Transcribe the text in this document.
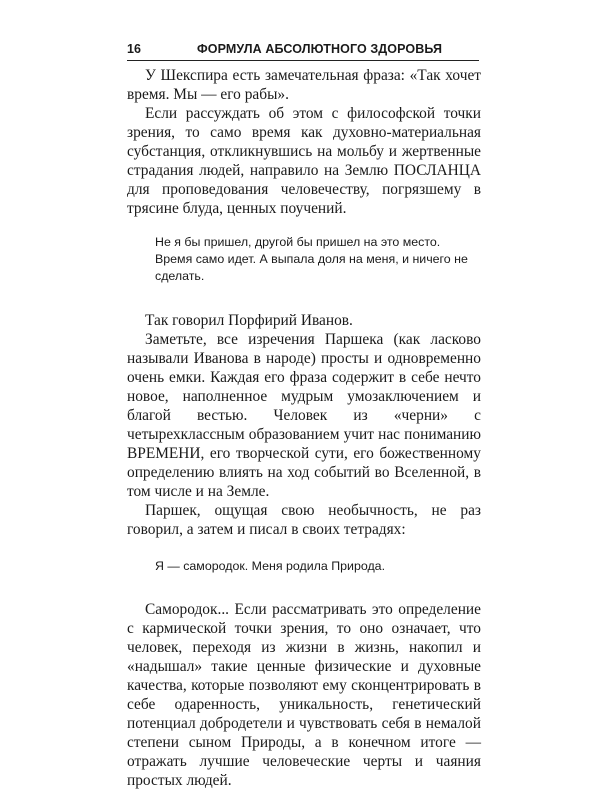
16	ФОРМУЛА АБСОЛЮТНОГО ЗДОРОВЬЯ

У Шекспира есть замечательная фраза: «Так хочет время. Мы — его рабы».

Если рассуждать об этом с философской точки зрения, то само время как духовно-материальная субстанция, откликнувшись на мольбу и жертвенные страдания людей, направило на Землю ПОСЛАНЦА для проповедования человечеству, погрязшему в трясине блуда, ценных поучений.

Не я бы пришел, другой бы пришел на это место. Время само идет. А выпала доля на меня, и ничего не сделать.

Так говорил Порфирий Иванов.

Заметьте, все изречения Паршека (как ласково называли Иванова в народе) просты и одновременно очень емки. Каждая его фраза содержит в себе нечто новое, наполненное мудрым умозаключением и благой вестью. Человек из «черни» с четырехклассным образованием учит нас пониманию ВРЕМЕНИ, его творческой сути, его божественному определению влиять на ход событий во Вселенной, в том числе и на Земле.

Паршек, ощущая свою необычность, не раз говорил, а затем и писал в своих тетрадях:

Я — самородок. Меня родила Природа.

Самородок... Если рассматривать это определение с кармической точки зрения, то оно означает, что человек, переходя из жизни в жизнь, накопил и «надышал» такие ценные физические и духовные качества, которые позволяют ему сконцентрировать в себе одаренность, уникальность, генетический потенциал добродетели и чувствовать себя в немалой степени сыном Природы, а в конечном итоге — отражать лучшие человеческие черты и чаяния простых людей.
